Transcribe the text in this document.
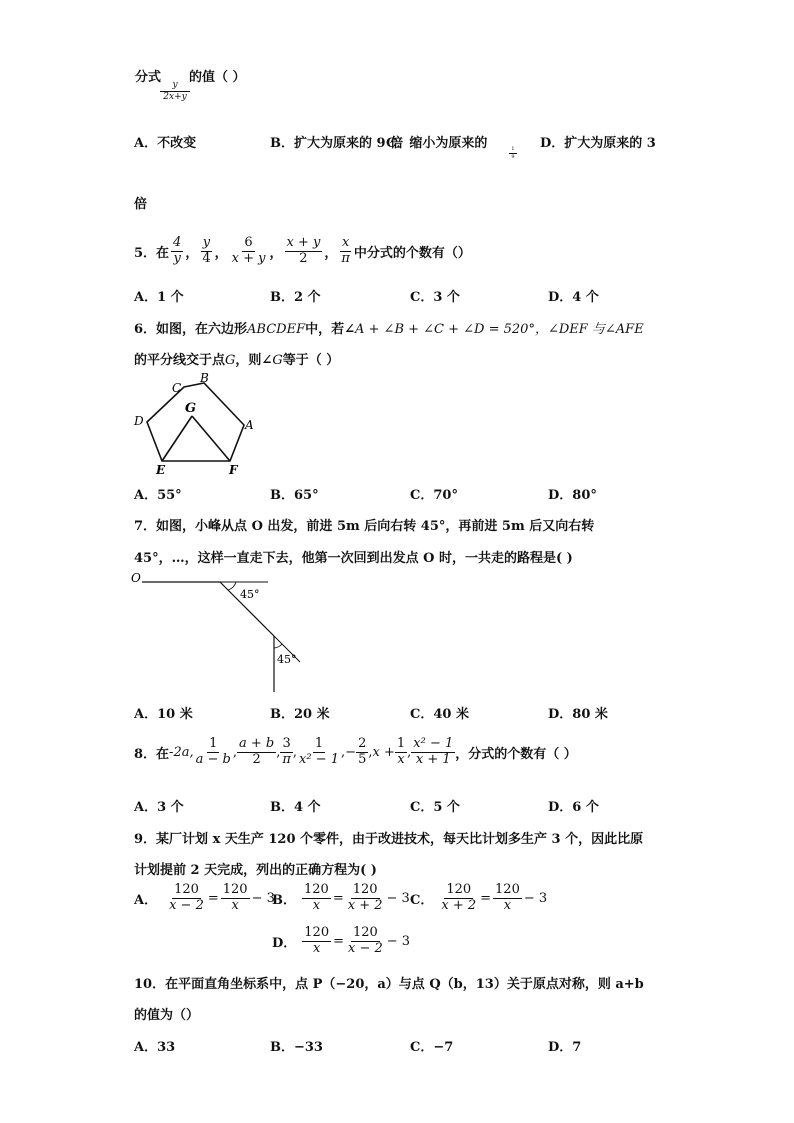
分式
$\frac{y}{2x+y}$
的值（ ）
A．不改变	B．扩大为原来的 9 倍
C．缩小为原来的	1
9
D．扩大为原来的 3
倍
5．在 $\frac{4}{y}$ ， $\frac{y}{4}$ ， $\frac{6}{x + y}$ ， $\frac{x + y}{2}$ ， $\frac{x}{\pi}$ 中分式的个数有（）
A．1 个	B．2 个	C．3 个	D．4 个
6．如图，在六边形ABCDEF中，若∠A + ∠B + ∠C + ∠D = 520°，∠DEF 与∠AFE
的平分线交于点G，则∠G等于（ ）
C
B
D
G
A
E	F
A．55°	B．65°	C．70°	D．80°
7．如图，小峰从点 O 出发，前进 5m 后向右转 45°，再前进 5m 后又向右转
45°，…，这样一直走下去，他第一次回到出发点 O 时，一共走的路程是( )
O
45°
45°
A．10 米	B．20 米	C．40 米	D．80 米
8．在 -2a, $\frac{1}{a - b}$ , $\frac{a + b}{2}$ , $\frac{3}{\pi}$ , $\frac{1}{\text{x² − 1}}$ , − $\frac{2}{5}$ , $x + \frac{1}{x}$ , $\frac{\text{x² − 1}}{x + 1}$ ，分式的个数有（ ）
A．3 个	B．4 个	C．5 个	D．6 个
9．某厂计划 x 天生产 120 个零件，由于改进技术，每天比计划多生产 3 个，因此比原
计划提前 2 天完成，列出的正确方程为( )
A． $\frac{120}{x - 2} = \frac{120}{x} - 3$
B． $\frac{120}{x} = \frac{120}{x + 2} - 3$ C． $\frac{120}{x + 2} = \frac{120}{x} - 3$
D． $\frac{120}{x} = \frac{120}{x - 2} - 3$
10．在平面直角坐标系中，点 P（−20，a）与点 Q（b，13）关于原点对称，则 a+b
的值为（）
A．33	B．−33	C．−7	D．7
